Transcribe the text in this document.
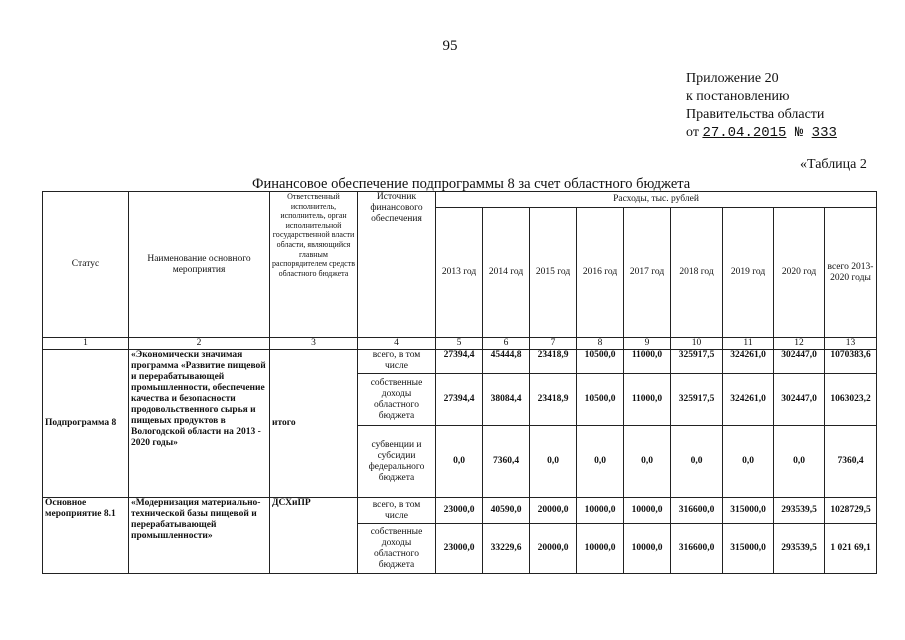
95
Приложение 20
к постановлению
Правительства области
от 27.04.2015 № 333
«Таблица 2
Финансовое обеспечение подпрограммы 8 за счет областного бюджета
Статус	Наименование основного мероприятия	Ответственный исполнитель, исполнитель, орган исполнительной государственной власти области, являющийся главным распорядителем средств областного бюджета	Источник финансового обеспечения	Расходы, тыс. рублей								
				2013 год	2014 год	2015 год	2016 год	2017 год	2018 год	2019 год	2020 год	всего 2013-2020 годы
1	2	3	4	5	6	7	8	9	10	11	12	13
Подпрограмма 8	«Экономически значимая программа «Развитие пищевой и перерабатывающей промышленности, обеспечение качества и безопасности продовольственного сырья и пищевых продуктов в Вологодской области на 2013 - 2020 годы»	итого	всего, в том числе	27394,4	45444,8	23418,9	10500,0	11000,0	325917,5	324261,0	302447,0	1070383,6
			собственные доходы областного бюджета	27394,4	38084,4	23418,9	10500,0	11000,0	325917,5	324261,0	302447,0	1063023,2
			субвенции и субсидии федерального бюджета	0,0	7360,4	0,0	0,0	0,0	0,0	0,0	0,0	7360,4
Основное мероприятие 8.1	«Модернизация материально-технической базы пищевой и перерабатывающей промышленности»	ДСХиПР	всего, в том числе	23000,0	40590,0	20000,0	10000,0	10000,0	316600,0	315000,0	293539,5	1028729,5
			собственные доходы областного бюджета	23000,0	33229,6	20000,0	10000,0	10000,0	316600,0	315000,0	293539,5	1 021 69,1
